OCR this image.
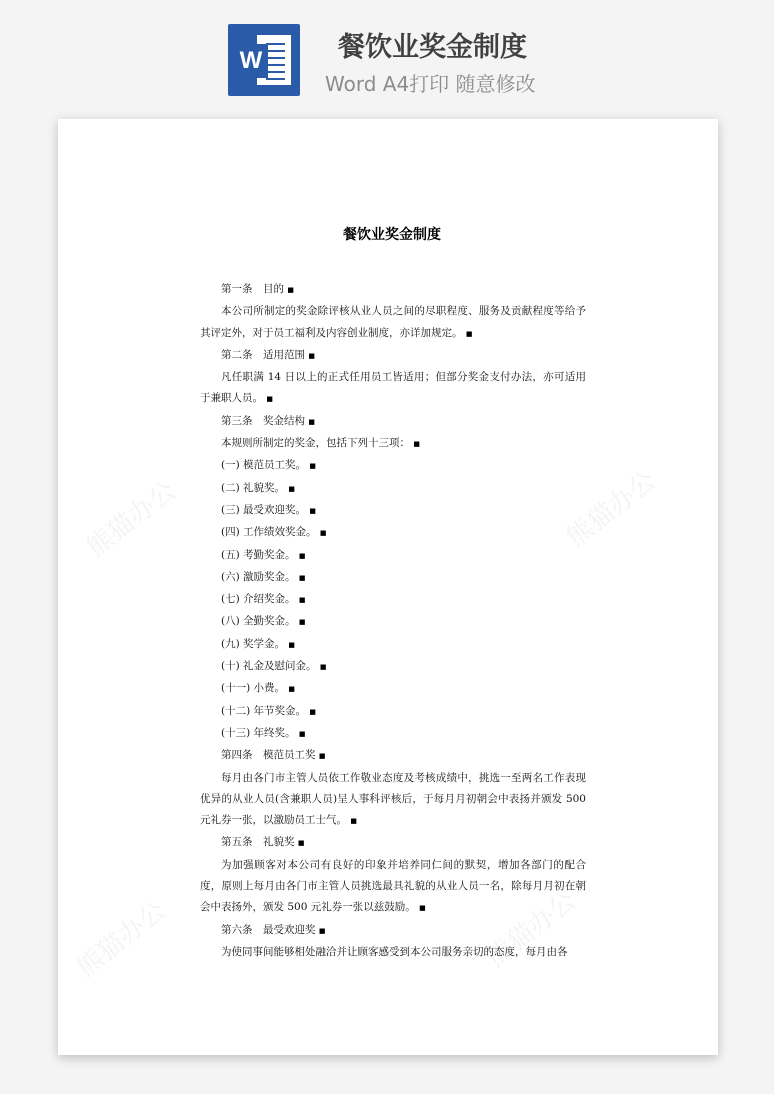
W	餐饮业奖金制度
Word A4打印 随意修改
熊猫办公	熊猫办公
熊猫办公	熊猫办公
餐饮业奖金制度

第一条　目的 ■

本公司所制定的奖金除评核从业人员之间的尽职程度、服务及贡献程度等给予其评定外，对于员工福利及内容创业制度，亦详加规定。 ■

第二条　适用范围 ■

凡任职满 14 日以上的正式任用员工皆适用；但部分奖金支付办法，亦可适用于兼职人员。 ■

第三条　奖金结构 ■

本规则所制定的奖金，包括下列十三项： ■

(一) 模范员工奖。 ■

(二) 礼貌奖。 ■

(三) 最受欢迎奖。 ■

(四) 工作绩效奖金。 ■

(五) 考勤奖金。 ■

(六) 激励奖金。 ■

(七) 介绍奖金。 ■

(八) 全勤奖金。 ■

(九) 奖学金。 ■

(十) 礼金及慰问金。 ■

(十一) 小费。 ■

(十二) 年节奖金。 ■

(十三) 年终奖。 ■

第四条　模范员工奖 ■

每月由各门市主管人员依工作敬业态度及考核成绩中，挑选一至两名工作表现优异的从业人员(含兼职人员)呈人事科评核后，于每月月初朝会中表扬并颁发 500 元礼券一张，以激励员工士气。 ■

第五条　礼貌奖 ■

为加强顾客对本公司有良好的印象并培养同仁间的默契，增加各部门的配合度，原则上每月由各门市主管人员挑选最具礼貌的从业人员一名，除每月月初在朝会中表扬外，颁发 500 元礼券一张以兹鼓励。 ■

第六条　最受欢迎奖 ■

为使同事间能够相处融洽并让顾客感受到本公司服务亲切的态度，每月由各
